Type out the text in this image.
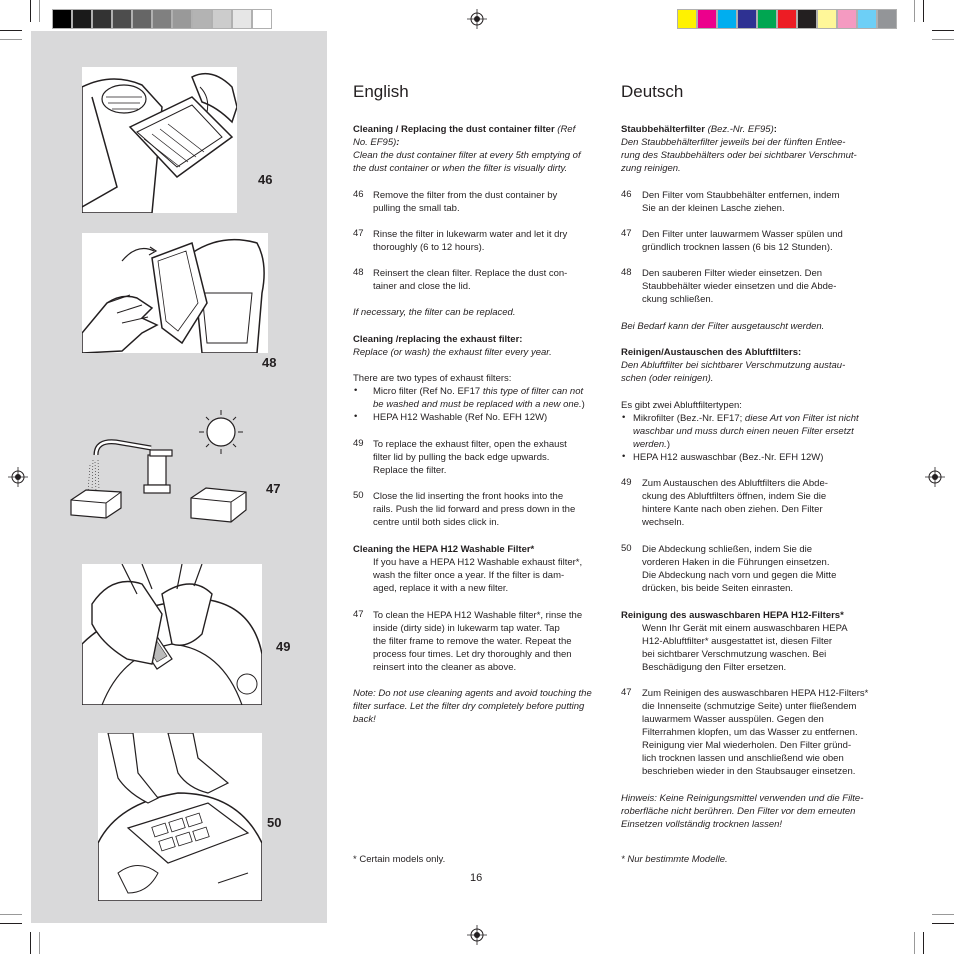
46
48
47
49
50
English
Cleaning / Replacing the dust container filter (Ref
No. EF95):
Clean the dust container filter at every 5th emptying of
the dust container or when the filter is visually dirty.
46 Remove the filter from the dust container by
pulling the small tab.
47 Rinse the filter in lukewarm water and let it dry
thoroughly (6 to 12 hours).
48 Reinsert the clean filter. Replace the dust con-
tainer and close the lid.
If necessary, the filter can be replaced.
Cleaning /replacing the exhaust filter:
Replace (or wash) the exhaust filter every year.
There are two types of exhaust filters:
• Micro filter (Ref No. EF17 this type of filter can not
be washed and must be replaced with a new one.)
• HEPA H12 Washable (Ref No. EFH 12W)
49 To replace the exhaust filter, open the exhaust
filter lid by pulling the back edge upwards.
Replace the filter.
50 Close the lid inserting the front hooks into the
rails. Push the lid forward and press down in the
centre until both sides click in.
Cleaning the HEPA H12 Washable Filter*
If you have a HEPA H12 Washable exhaust filter*,
wash the filter once a year. If the filter is dam-
aged, replace it with a new filter.
47 To clean the HEPA H12 Washable filter*, rinse the
inside (dirty side) in lukewarm tap water. Tap
the filter frame to remove the water. Repeat the
process four times. Let dry thoroughly and then
reinsert into the cleaner as above.
Note: Do not use cleaning agents and avoid touching the
filter surface. Let the filter dry completely before putting
back!
* Certain models only.
Deutsch
Staubbehälterfilter (Bez.-Nr. EF95):
Den Staubbehälterfilter jeweils bei der fünften Entlee-
rung des Staubbehälters oder bei sichtbarer Verschmut-
zung reinigen.
46 Den Filter vom Staubbehälter entfernen, indem
Sie an der kleinen Lasche ziehen.
47 Den Filter unter lauwarmem Wasser spülen und
gründlich trocknen lassen (6 bis 12 Stunden).
48 Den sauberen Filter wieder einsetzen. Den
Staubbehälter wieder einsetzen und die Abde-
ckung schließen.
Bei Bedarf kann der Filter ausgetauscht werden.
Reinigen/Austauschen des Abluftfilters:
Den Abluftfilter bei sichtbarer Verschmutzung austau-
schen (oder reinigen).
Es gibt zwei Abluftfiltertypen:
• Mikrofilter (Bez.-Nr. EF17; diese Art von Filter ist nicht
waschbar und muss durch einen neuen Filter ersetzt
werden.)
• HEPA H12 auswaschbar (Bez.-Nr. EFH 12W)
49 Zum Austauschen des Abluftfilters die Abde-
ckung des Abluftfilters öffnen, indem Sie die
hintere Kante nach oben ziehen. Den Filter
wechseln.
50 Die Abdeckung schließen, indem Sie die
vorderen Haken in die Führungen einsetzen.
Die Abdeckung nach vorn und gegen die Mitte
drücken, bis beide Seiten einrasten.
Reinigung des auswaschbaren HEPA H12-Filters*
Wenn Ihr Gerät mit einem auswaschbaren HEPA
H12-Abluftfilter* ausgestattet ist, diesen Filter
bei sichtbarer Verschmutzung waschen. Bei
Beschädigung den Filter ersetzen.
47 Zum Reinigen des auswaschbaren HEPA H12-Filters*
die Innenseite (schmutzige Seite) unter fließendem
lauwarmem Wasser ausspülen. Gegen den
Filterrahmen klopfen, um das Wasser zu entfernen.
Reinigung vier Mal wiederholen. Den Filter gründ-
lich trocknen lassen und anschließend wie oben
beschrieben wieder in den Staubsauger einsetzen.
Hinweis: Keine Reinigungsmittel verwenden und die Filte-
roberfläche nicht berühren. Den Filter vor dem erneuten
Einsetzen vollständig trocknen lassen!
* Nur bestimmte Modelle.
16
